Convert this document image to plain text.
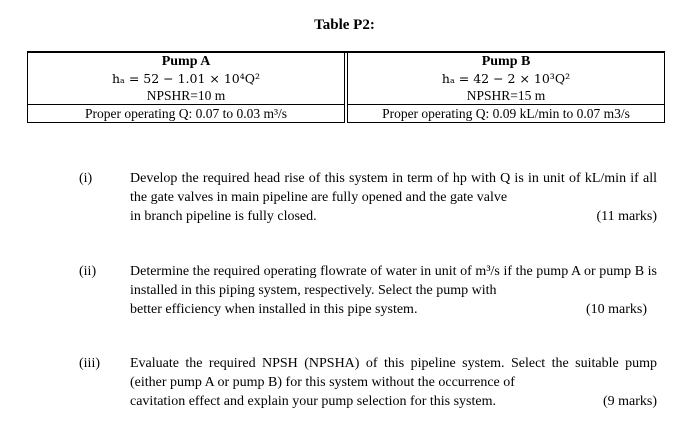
Table P2:
Pump A		Pump B
hₐ = 52 − 1.01 × 10⁴Q²		hₐ = 42 − 2 × 10³Q²
NPSHR=10 m		NPSHR=15 m
Proper operating Q: 0.07 to 0.03 m³/s		Proper operating Q: 0.09 kL/min to 0.07 m3/s
(i)	Develop the required head rise of this system in term of hp with Q is in unit of kL/min if all the gate valves in main pipeline are fully opened and the gate valve
in branch pipeline is fully closed.	(11 marks)
(ii)	Determine the required operating flowrate of water in unit of m³/s if the pump A or pump B is installed in this piping system, respectively. Select the pump with
better efficiency when installed in this pipe system.	(10 marks)
(iii)	Evaluate the required NPSH (NPSHA) of this pipeline system. Select the suitable pump (either pump A or pump B) for this system without the occurrence of
cavitation effect and explain your pump selection for this system.	(9 marks)
